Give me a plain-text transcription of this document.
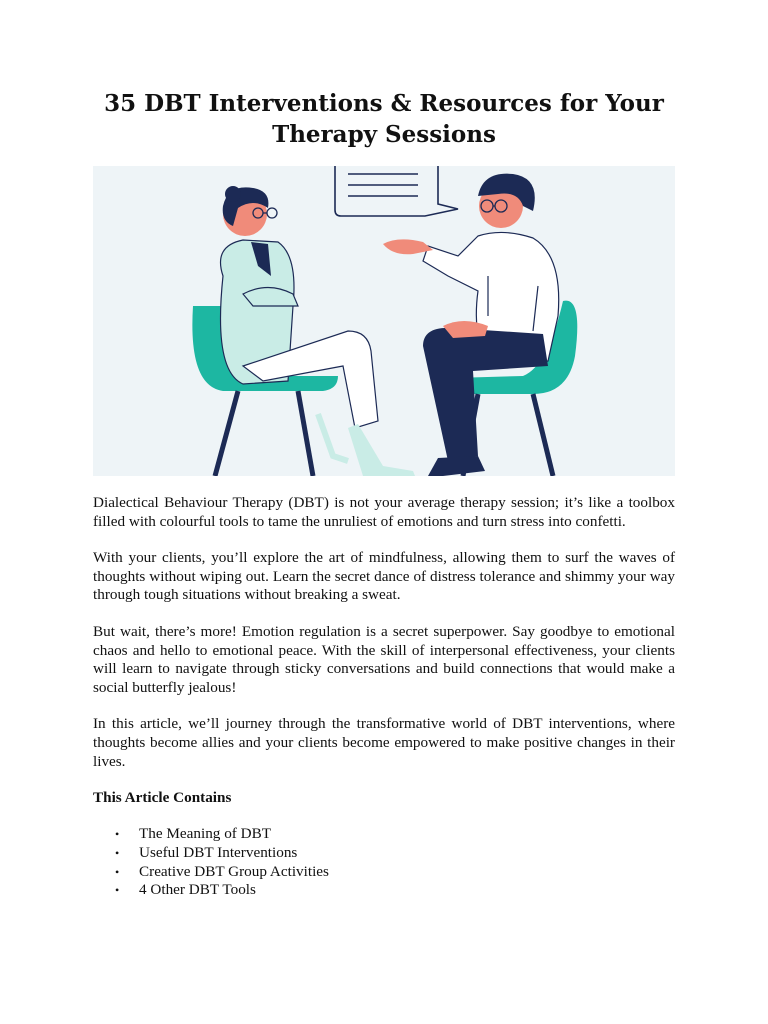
35 DBT Interventions & Resources for Your Therapy Sessions

Dialectical Behaviour Therapy (DBT) is not your average therapy session; it’s like a toolbox filled with colourful tools to tame the unruliest of emotions and turn stress into confetti.

With your clients, you’ll explore the art of mindfulness, allowing them to surf the waves of thoughts without wiping out. Learn the secret dance of distress tolerance and shimmy your way through tough situations without breaking a sweat.

But wait, there’s more! Emotion regulation is a secret superpower. Say goodbye to emotional chaos and hello to emotional peace. With the skill of interpersonal effectiveness, your clients will learn to navigate through sticky conversations and build connections that would make a social butterfly jealous!

In this article, we’ll journey through the transformative world of DBT interventions, where thoughts become allies and your clients become empowered to make positive changes in their lives.

This Article Contains
• The Meaning of DBT
• Useful DBT Interventions
• Creative DBT Group Activities
• 4 Other DBT Tools
